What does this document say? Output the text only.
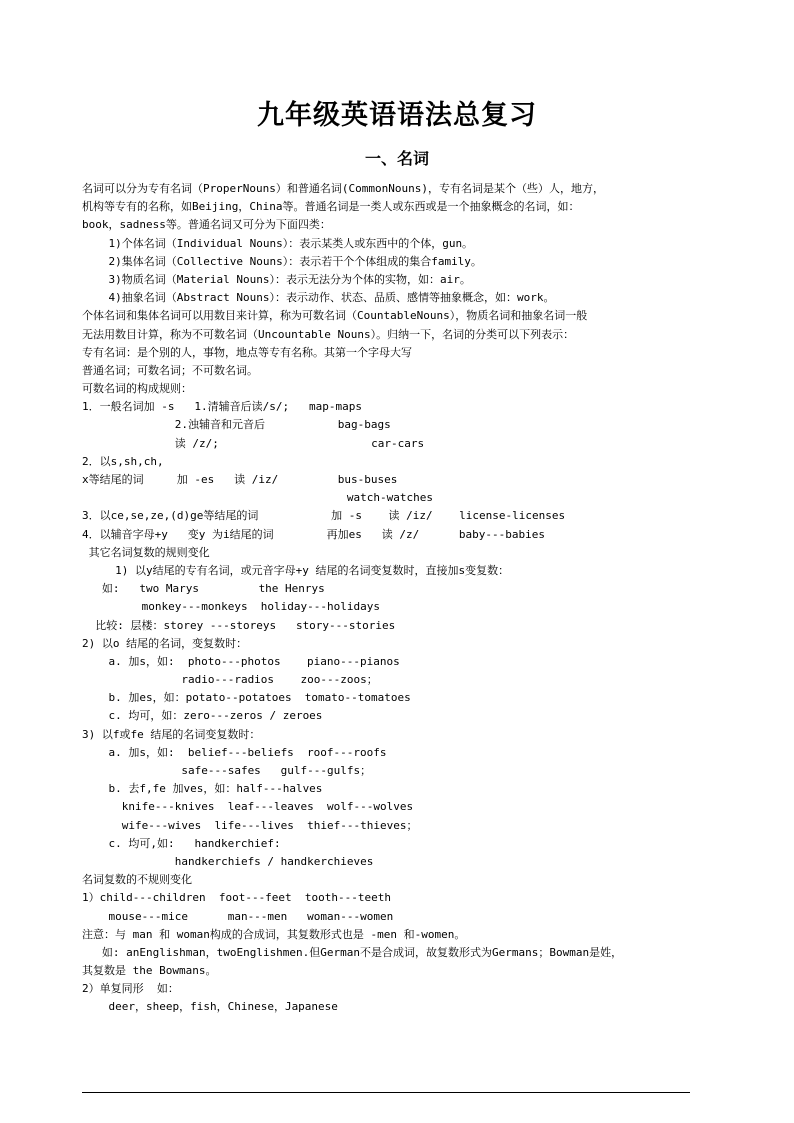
九年级英语语法总复习
一、名词
名词可以分为专有名词（ProperNouns）和普通名词(CommonNouns)，专有名词是某个（些）人，地方，
机构等专有的名称，如Beijing，China等。普通名词是一类人或东西或是一个抽象概念的名词，如：
book，sadness等。普通名词又可分为下面四类：
1)个体名词（Individual Nouns）：表示某类人或东西中的个体，gun。
2)集体名词（Collective Nouns）：表示若干个个体组成的集合family。
3)物质名词（Material Nouns）：表示无法分为个体的实物，如：air。
4)抽象名词（Abstract Nouns）：表示动作、状态、品质、感情等抽象概念，如：work。
个体名词和集体名词可以用数目来计算，称为可数名词（CountableNouns），物质名词和抽象名词一般
无法用数目计算，称为不可数名词（Uncountable Nouns）。归纳一下，名词的分类可以下列表示：
专有名词：是个别的人，事物，地点等专有名称。其第一个字母大写
普通名词；可数名词；不可数名词。
可数名词的构成规则：
1．一般名词加 -s   1.清辅音后读/s/;   map-maps
2.浊辅音和元音后           bag-bags
读 /z/;                       car-cars
2．以s,sh,ch,
x等结尾的词     加 -es   读 /iz/         bus-buses
watch-watches
3．以ce,se,ze,(d)ge等结尾的词           加 -s    读 /iz/    license-licenses
4．以辅音字母+y   变y 为i结尾的词        再加es   读 /z/      baby---babies
其它名词复数的规则变化
1) 以y结尾的专有名词，或元音字母+y 结尾的名词变复数时，直接加s变复数：
如:   two Marys         the Henrys
monkey---monkeys  holiday---holidays
比较: 层楼：storey ---storeys   story---stories
2) 以o 结尾的名词，变复数时：
a. 加s，如:  photo---photos    piano---pianos
radio---radios    zoo---zoos；
b. 加es，如：potato--potatoes  tomato--tomatoes
c. 均可，如：zero---zeros / zeroes
3) 以f或fe 结尾的名词变复数时：
a. 加s，如:  belief---beliefs  roof---roofs
safe---safes   gulf---gulfs；
b. 去f,fe 加ves，如：half---halves
knife---knives  leaf---leaves  wolf---wolves
wife---wives  life---lives  thief---thieves；
c. 均可,如:   handkerchief:
handkerchiefs / handkerchieves
名词复数的不规则变化
1）child---children  foot---feet  tooth---teeth
mouse---mice      man---men   woman---women
注意：与 man 和 woman构成的合成词，其复数形式也是 -men 和-women。
如: anEnglishman，twoEnglishmen.但German不是合成词，故复数形式为Germans；Bowman是姓，
其复数是 the Bowmans。
2）单复同形  如：
deer，sheep，fish，Chinese，Japanese
